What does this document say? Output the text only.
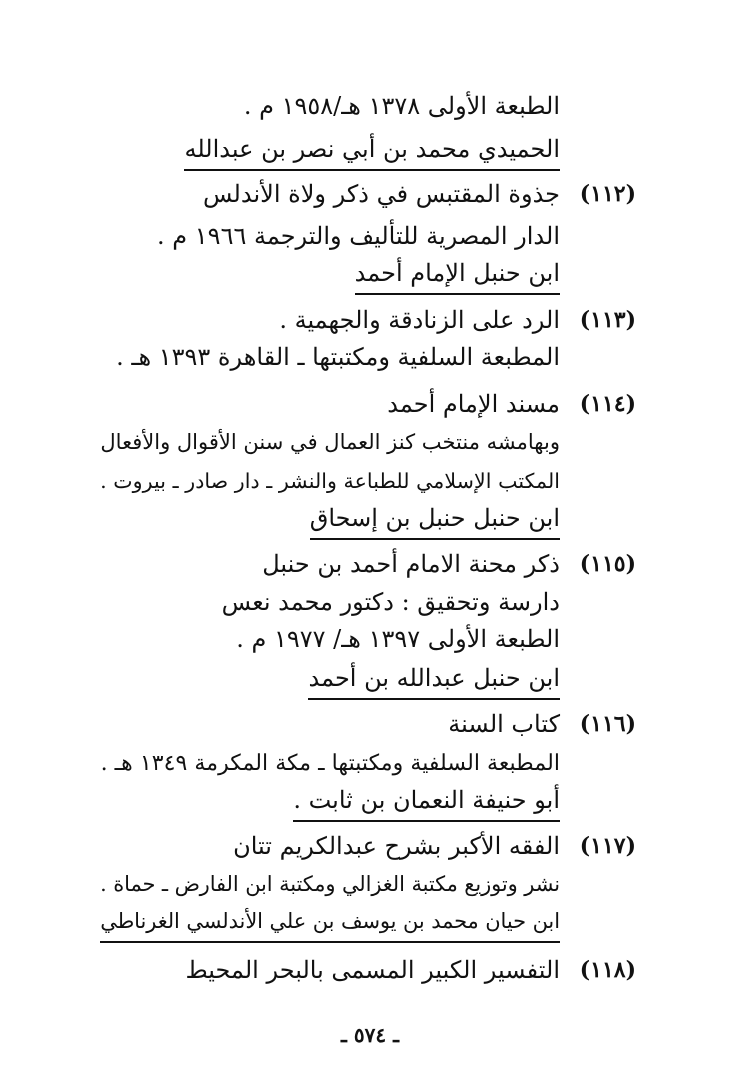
الطبعة الأولى ١٣٧٨ هـ/١٩٥٨ م .
الحميدي محمد بن أبي نصر بن عبدالله
(١١٢)
جذوة المقتبس في ذكر ولاة الأندلس
الدار المصرية للتأليف والترجمة ١٩٦٦ م .
ابن حنبل الإمام أحمد
(١١٣)
الرد على الزنادقة والجهمية .
المطبعة السلفية ومكتبتها ـ القاهرة ١٣٩٣ هـ .
(١١٤)
مسند الإمام أحمد
وبهامشه منتخب كنز العمال في سنن الأقوال والأفعال
المكتب الإسلامي للطباعة والنشر ـ دار صادر ـ بيروت .
ابن حنبل حنبل بن إسحاق
(١١٥)
ذكر محنة الامام أحمد بن حنبل
دارسة وتحقيق : دكتور محمد نعس
الطبعة الأولى ١٣٩٧ هـ/ ١٩٧٧ م .
ابن حنبل عبدالله بن أحمد
(١١٦)
كتاب السنة
المطبعة السلفية ومكتبتها ـ مكة المكرمة ١٣٤٩ هـ .
أبو حنيفة النعمان بن ثابت .
(١١٧)
الفقه الأكبر بشرح عبدالكريم تتان
نشر وتوزيع مكتبة الغزالي ومكتبة ابن الفارض ـ حماة .
ابن حيان محمد بن يوسف بن علي الأندلسي الغرناطي
(١١٨)
التفسير الكبير المسمى بالبحر المحيط
ـ ٥٧٤ ـ
